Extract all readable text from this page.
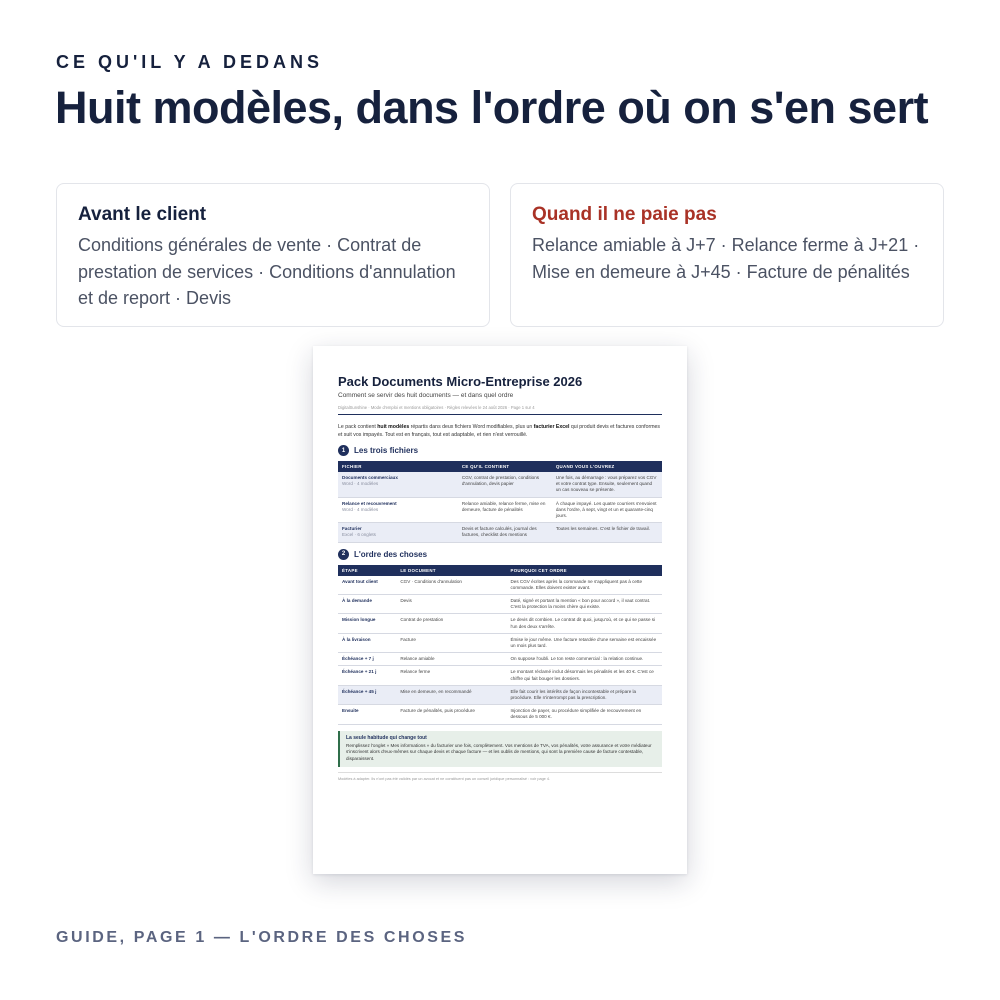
CE QU'IL Y A DEDANS
Huit modèles, dans l'ordre où on s'en sert
Avant le client
Conditions générales de vente · Contrat de prestation de services · Conditions d'annulation et de report · Devis
Quand il ne paie pas
Relance amiable à J+7 · Relance ferme à J+21 · Mise en demeure à J+45 · Facture de pénalités
Pack Documents Micro-Entreprise 2026
Comment se servir des huit documents — et dans quel ordre
DigitalSunshine · Mode d'emploi et mentions obligatoires · Règles relevées le 24 août 2026 · Page 1 sur 4
Le pack contient huit modèles répartis dans deux fichiers Word modifiables, plus un facturier Excel qui produit devis et factures conformes et suit vos impayés. Tout est en français, tout est adaptable, et rien n'est verrouillé.
1	Les trois fichiers
FICHIER	CE QU'IL CONTIENT	QUAND VOUS L'OUVREZ
Documents commerciaux
Word · 4 modèles	CGV, contrat de prestation, conditions d'annulation, devis papier	Une fois, au démarrage : vous préparez vos CGV et votre contrat type. Ensuite, seulement quand un cas nouveau se présente.
Relance et recouvrement
Word · 4 modèles	Relance amiable, relance ferme, mise en demeure, facture de pénalités	À chaque impayé. Les quatre courriers s'envoient dans l'ordre, à sept, vingt et un et quarante-cinq jours.
Facturier
Excel · 6 onglets	Devis et facture calculés, journal des factures, checklist des mentions	Toutes les semaines. C'est le fichier de travail.
2	L'ordre des choses
ÉTAPE	LE DOCUMENT	POURQUOI CET ORDRE
Avant tout client	CGV · Conditions d'annulation	Des CGV écrites après la commande ne s'appliquent pas à cette commande. Elles doivent exister avant.
À la demande	Devis	Daté, signé et portant la mention « bon pour accord », il vaut contrat. C'est la protection la moins chère qui existe.
Mission longue	Contrat de prestation	Le devis dit combien. Le contrat dit quoi, jusqu'où, et ce qui se passe si l'un des deux s'arrête.
À la livraison	Facture	Émise le jour même. Une facture retardée d'une semaine est encaissée un mois plus tard.
Échéance + 7 j	Relance amiable	On suppose l'oubli. Le ton reste commercial : la relation continue.
Échéance + 21 j	Relance ferme	Le montant réclamé inclut désormais les pénalités et les 40 €. C'est ce chiffre qui fait bouger les dossiers.
Échéance + 45 j	Mise en demeure, en recommandé	Elle fait courir les intérêts de façon incontestable et prépare la procédure. Elle n'interrompt pas la prescription.
Ensuite	Facture de pénalités, puis procédure	Injonction de payer, ou procédure simplifiée de recouvrement en dessous de 5 000 €.
La seule habitude qui change tout
Remplissez l'onglet « Mes informations » du facturier une fois, complètement. Vos mentions de TVA, vos pénalités, votre assurance et votre médiateur s'inscrivent alors d'eux-mêmes sur chaque devis et chaque facture — et les oublis de mentions, qui sont la première cause de facture contestable, disparaissent.
Modèles à adapter. Ils n'ont pas été validés par un avocat et ne constituent pas un conseil juridique personnalisé : voir page 4.
GUIDE, PAGE 1 — L'ORDRE DES CHOSES
